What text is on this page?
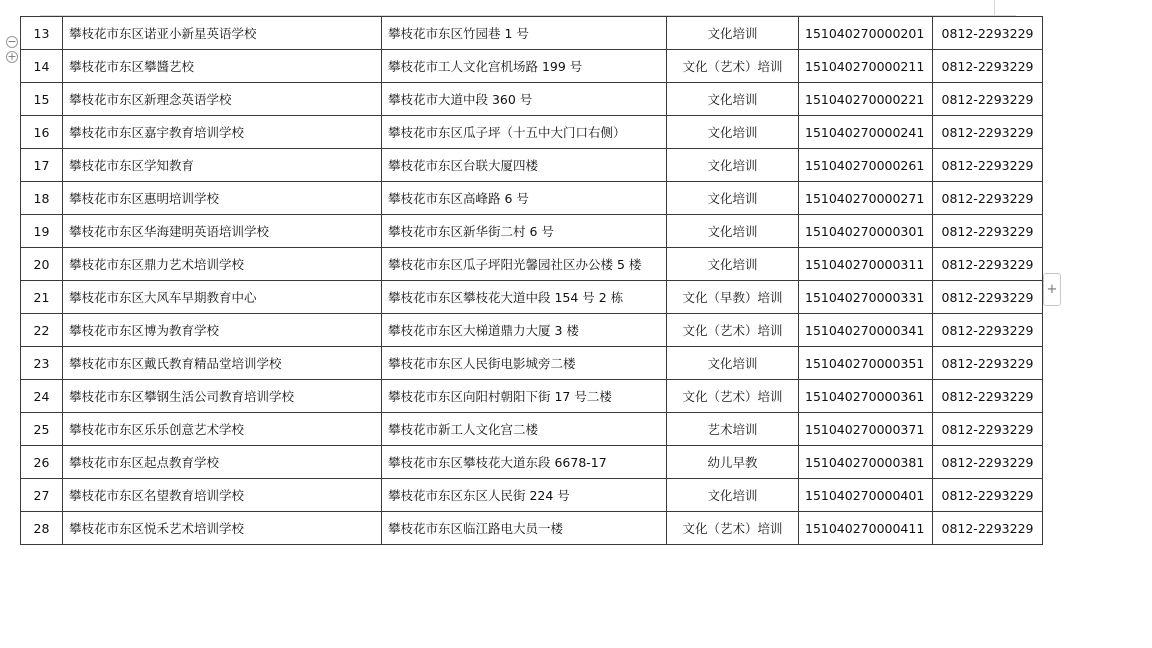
−
+
13	攀枝花市东区诺亚小新星英语学校	攀枝花市东区竹园巷 1 号	文化培训	151040270000201	0812-2293229
14	攀枝花市东区攀醬艺校	攀枝花市工人文化宫机场路 199 号	文化（艺术）培训	151040270000211	0812-2293229
15	攀枝花市东区新理念英语学校	攀枝花市大道中段 360 号	文化培训	151040270000221	0812-2293229
16	攀枝花市东区嘉宇教育培训学校	攀枝花市东区瓜子坪（十五中大门口右侧）	文化培训	151040270000241	0812-2293229
17	攀枝花市东区学知教育	攀枝花市东区台联大厦四楼	文化培训	151040270000261	0812-2293229
18	攀枝花市东区惠明培训学校	攀枝花市东区高峰路 6 号	文化培训	151040270000271	0812-2293229
19	攀枝花市东区华海建明英语培训学校	攀枝花市东区新华街二村 6 号	文化培训	151040270000301	0812-2293229
20	攀枝花市东区鼎力艺术培训学校	攀枝花市东区瓜子坪阳光馨园社区办公楼 5 楼	文化培训	151040270000311	0812-2293229
21	攀枝花市东区大风车早期教育中心	攀枝花市东区攀枝花大道中段 154 号 2 栋	文化（早教）培训	151040270000331	0812-2293229
22	攀枝花市东区博为教育学校	攀枝花市东区大梯道鼎力大厦 3 楼	文化（艺术）培训	151040270000341	0812-2293229
23	攀枝花市东区戴氏教育精品堂培训学校	攀枝花市东区人民街电影城旁二楼	文化培训	151040270000351	0812-2293229
24	攀枝花市东区攀钢生活公司教育培训学校	攀枝花市东区向阳村朝阳下街 17 号二楼	文化（艺术）培训	151040270000361	0812-2293229
25	攀枝花市东区乐乐创意艺术学校	攀枝花市新工人文化宫二楼	艺术培训	151040270000371	0812-2293229
26	攀枝花市东区起点教育学校	攀枝花市东区攀枝花大道东段 6678-17	幼儿早教	151040270000381	0812-2293229
27	攀枝花市东区名望教育培训学校	攀枝花市东区东区人民街 224 号	文化培训	151040270000401	0812-2293229
28	攀枝花市东区悦禾艺术培训学校	攀枝花市东区临江路电大员一楼	文化（艺术）培训	151040270000411	0812-2293229
+
